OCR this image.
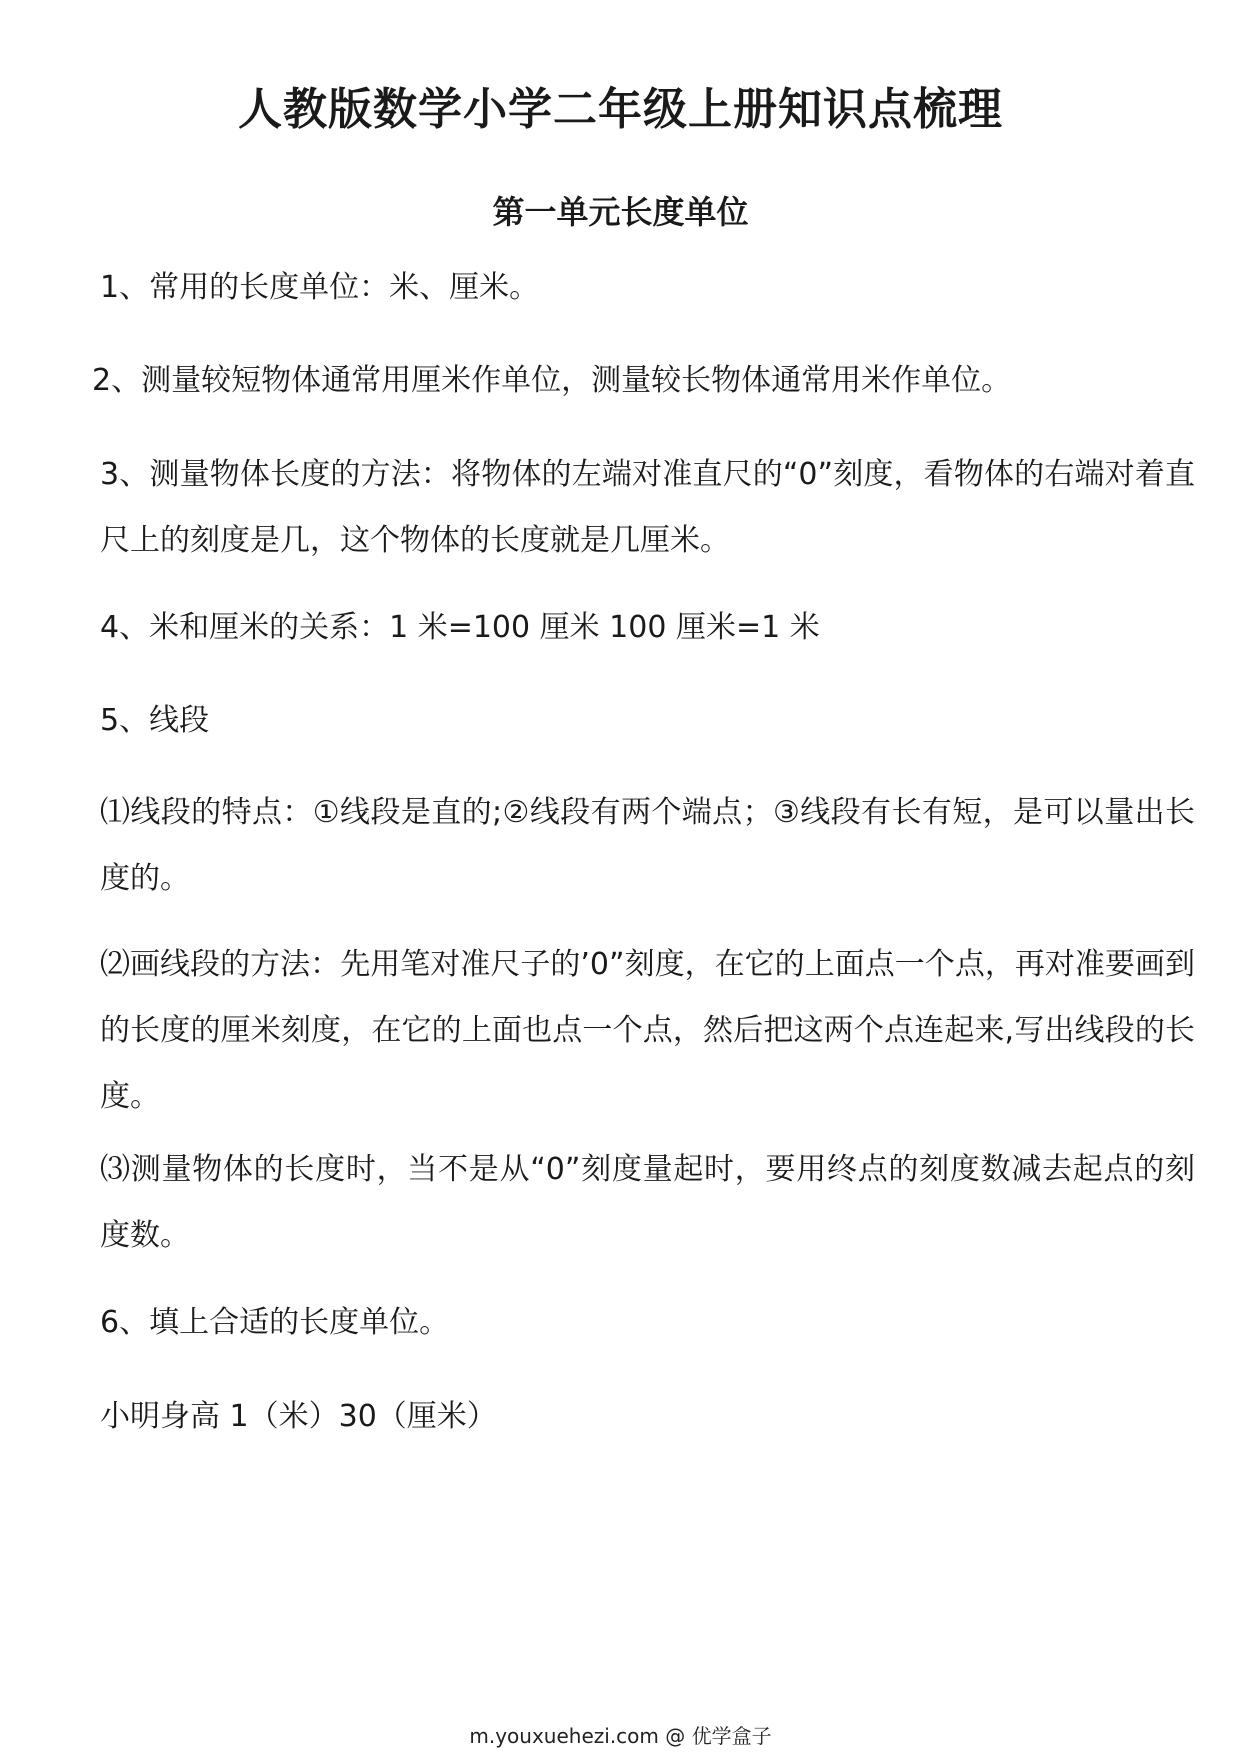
人教版数学小学二年级上册知识点梳理
第一单元长度单位

1、常用的长度单位：米、厘米。

2、测量较短物体通常用厘米作单位，测量较长物体通常用米作单位。

3、测量物体长度的方法：将物体的左端对准直尺的“0”刻度，看物体的右端对着直尺上的刻度是几，这个物体的长度就是几厘米。

4、米和厘米的关系：1 米=100 厘米 100 厘米=1 米

5、线段

⑴线段的特点：①线段是直的;②线段有两个端点；③线段有长有短，是可以量出长度的。

⑵画线段的方法：先用笔对准尺子的’0”刻度，在它的上面点一个点，再对准要画到的长度的厘米刻度，在它的上面也点一个点，然后把这两个点连起来,写出线段的长度。

⑶测量物体的长度时，当不是从“0”刻度量起时，要用终点的刻度数减去起点的刻度数。

6、填上合适的长度单位。

小明身高 1（米）30（厘米）

m.youxuehezi.com @ 优学盒子
